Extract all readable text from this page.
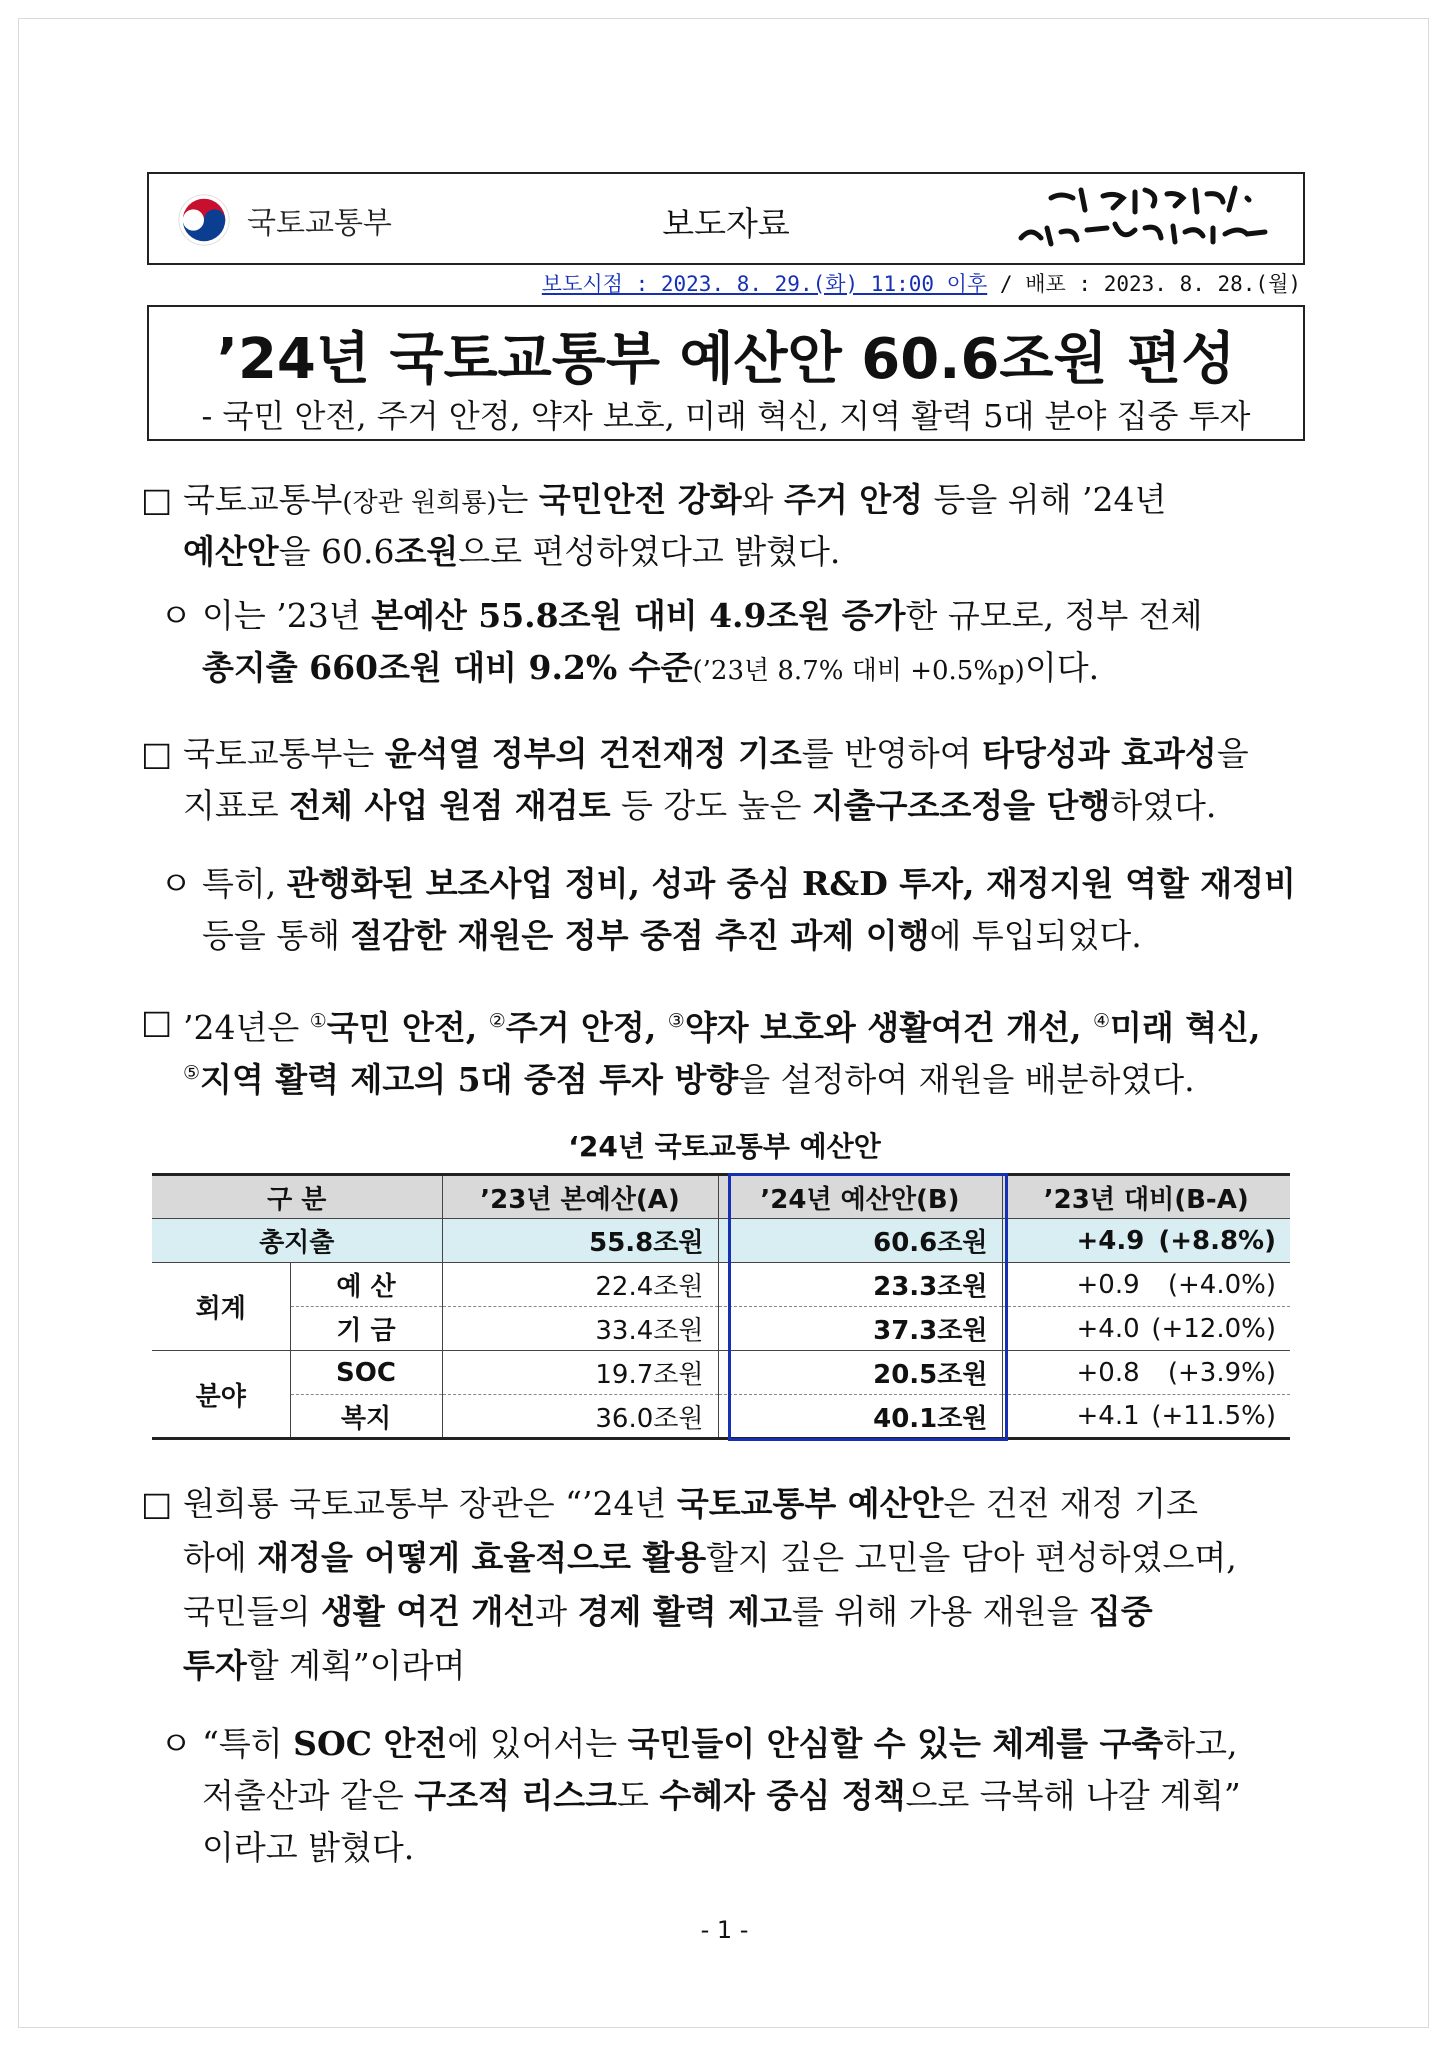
국토교통부	보도자료
보도시점 : 2023. 8. 29.(화) 11:00 이후 / 배포 : 2023. 8. 28.(월)
’24년 국토교통부 예산안 60.6조원 편성
- 국민 안전, 주거 안정, 약자 보호, 미래 혁신, 지역 활력 5대 분야 집중 투자
□ 국토교통부(장관 원희룡)는 국민안전 강화와 주거 안정 등을 위해 ’24년
예산안을 60.6조원으로 편성하였다고 밝혔다.
ㅇ 이는 ’23년 본예산 55.8조원 대비 4.9조원 증가한 규모로, 정부 전체
총지출 660조원 대비 9.2% 수준(’23년 8.7% 대비 +0.5%p)이다.
□ 국토교통부는 윤석열 정부의 건전재정 기조를 반영하여 타당성과 효과성을
지표로 전체 사업 원점 재검토 등 강도 높은 지출구조조정을 단행하였다.
ㅇ 특히, 관행화된 보조사업 정비, 성과 중심 R&D 투자, 재정지원 역할 재정비
등을 통해 절감한 재원은 정부 중점 추진 과제 이행에 투입되었다.
□ ’24년은 ①국민 안전, ②주거 안정, ③약자 보호와 생활여건 개선, ④미래 혁신,
⑤지역 활력 제고의 5대 중점 투자 방향을 설정하여 재원을 배분하였다.
‘24년 국토교통부 예산안
구 분		’23년 본예산(A)	’24년 예산안(B)	’23년 대비(B-A)
총지출		55.8조원	60.6조원	+4.9 (+8.8%)

회계	예 산	22.4조원	23.3조원	+0.9 (+4.0%)

	기 금	33.4조원	37.3조원	+4.0 (+12.0%)

분야	SOC	19.7조원	20.5조원	+0.8 (+3.9%)

	복지	36.0조원	40.1조원	+4.1 (+11.5%)
□ 원희룡 국토교통부 장관은 “’24년 국토교통부 예산안은 건전 재정 기조
하에 재정을 어떻게 효율적으로 활용할지 깊은 고민을 담아 편성하였으며,
국민들의 생활 여건 개선과 경제 활력 제고를 위해 가용 재원을 집중
투자할 계획”이라며
ㅇ “특히 SOC 안전에 있어서는 국민들이 안심할 수 있는 체계를 구축하고,
저출산과 같은 구조적 리스크도 수혜자 중심 정책으로 극복해 나갈 계획”
이라고 밝혔다.
- 1 -
